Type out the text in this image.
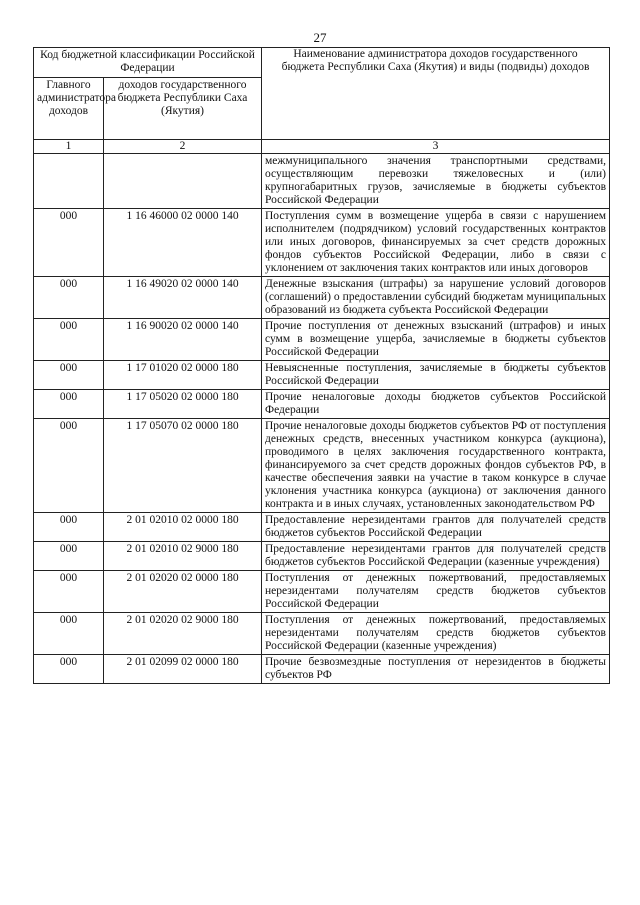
27
Код бюджетной классификации Российской Федерации		Наименование администратора доходов государственного бюджета Республики Саха (Якутия) и виды (подвиды) доходов
Главного администратора доходов	доходов государственного бюджета Республики Саха (Якутия)	
1	2	3
		межмуниципального значения транспортными средствами, осуществляющим перевозки тяжеловесных и (или) крупногабаритных грузов, зачисляемые в бюджеты субъектов Российской Федерации
000	1 16 46000 02 0000 140	Поступления сумм в возмещение ущерба в связи с нарушением исполнителем (подрядчиком) условий государственных контрактов или иных договоров, финансируемых за счет средств дорожных фондов субъектов Российской Федерации, либо в связи с уклонением от заключения таких контрактов или иных договоров
000	1 16 49020 02 0000 140	Денежные взыскания (штрафы) за нарушение условий договоров (соглашений) о предоставлении субсидий бюджетам муниципальных образований из бюджета субъекта Российской Федерации
000	1 16 90020 02 0000 140	Прочие поступления от денежных взысканий (штрафов) и иных сумм в возмещение ущерба, зачисляемые в бюджеты субъектов Российской Федерации
000	1 17 01020 02 0000 180	Невыясненные поступления, зачисляемые в бюджеты субъектов Российской Федерации
000	1 17 05020 02 0000 180	Прочие неналоговые доходы бюджетов субъектов Российской Федерации
000	1 17 05070 02 0000 180	Прочие неналоговые доходы бюджетов субъектов РФ от поступления денежных средств, внесенных участником конкурса (аукциона), проводимого в целях заключения государственного контракта, финансируемого за счет средств дорожных фондов субъектов РФ, в качестве обеспечения заявки на участие в таком конкурсе в случае уклонения участника конкурса (аукциона) от заключения данного контракта и в иных случаях, установленных законодательством РФ
000	2 01 02010 02 0000 180	Предоставление нерезидентами грантов для получателей средств бюджетов субъектов Российской Федерации
000	2 01 02010 02 9000 180	Предоставление нерезидентами грантов для получателей средств бюджетов субъектов Российской Федерации (казенные учреждения)
000	2 01 02020 02 0000 180	Поступления от денежных пожертвований, предоставляемых нерезидентами получателям средств бюджетов субъектов Российской Федерации
000	2 01 02020 02 9000 180	Поступления от денежных пожертвований, предоставляемых нерезидентами получателям средств бюджетов субъектов Российской Федерации (казенные учреждения)
000	2 01 02099 02 0000 180	Прочие безвозмездные поступления от нерезидентов в бюджеты субъектов РФ
